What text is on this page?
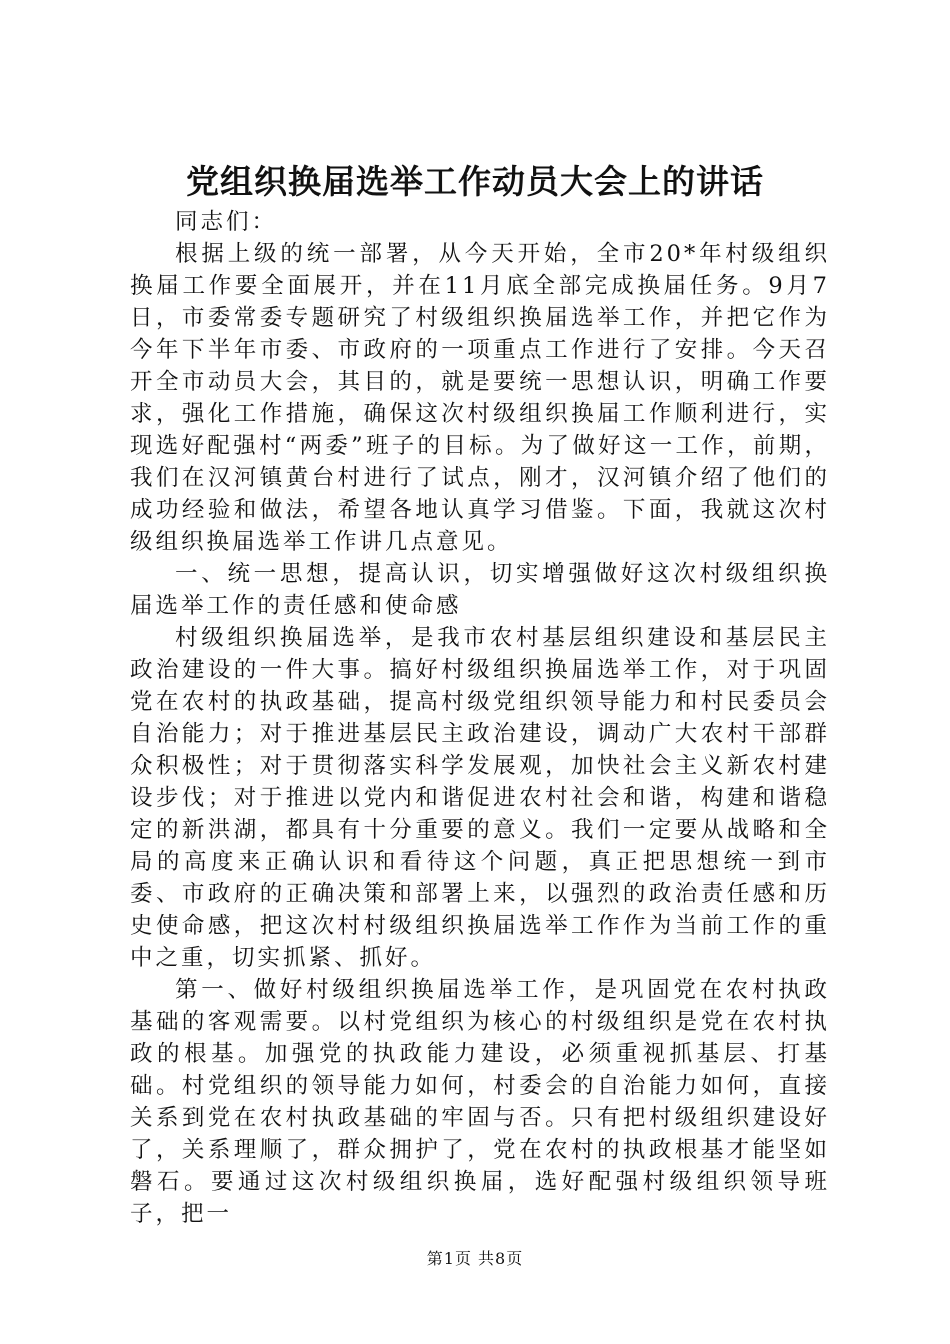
党组织换届选举工作动员大会上的讲话

同志们：

根据上级的统一部署，从今天开始，全市20*年村级组织换届工作要全面展开，并在11月底全部完成换届任务。9月7日，市委常委专题研究了村级组织换届选举工作，并把它作为今年下半年市委、市政府的一项重点工作进行了安排。今天召开全市动员大会，其目的，就是要统一思想认识，明确工作要求，强化工作措施，确保这次村级组织换届工作顺利进行，实现选好配强村“两委”班子的目标。为了做好这一工作，前期，我们在汉河镇黄台村进行了试点，刚才，汉河镇介绍了他们的成功经验和做法，希望各地认真学习借鉴。下面，我就这次村级组织换届选举工作讲几点意见。

一、统一思想，提高认识，切实增强做好这次村级组织换届选举工作的责任感和使命感

村级组织换届选举，是我市农村基层组织建设和基层民主政治建设的一件大事。搞好村级组织换届选举工作，对于巩固党在农村的执政基础，提高村级党组织领导能力和村民委员会自治能力；对于推进基层民主政治建设，调动广大农村干部群众积极性；对于贯彻落实科学发展观，加快社会主义新农村建设步伐；对于推进以党内和谐促进农村社会和谐，构建和谐稳定的新洪湖，都具有十分重要的意义。我们一定要从战略和全局的高度来正确认识和看待这个问题，真正把思想统一到市委、市政府的正确决策和部署上来，以强烈的政治责任感和历史使命感，把这次村村级组织换届选举工作作为当前工作的重中之重，切实抓紧、抓好。

第一、做好村级组织换届选举工作，是巩固党在农村执政基础的客观需要。以村党组织为核心的村级组织是党在农村执政的根基。加强党的执政能力建设，必须重视抓基层、打基础。村党组织的领导能力如何，村委会的自治能力如何，直接关系到党在农村执政基础的牢固与否。只有把村级组织建设好了，关系理顺了，群众拥护了，党在农村的执政根基才能坚如磐石。要通过这次村级组织换届，选好配强村级组织领导班子，把一

第1页 共8页
